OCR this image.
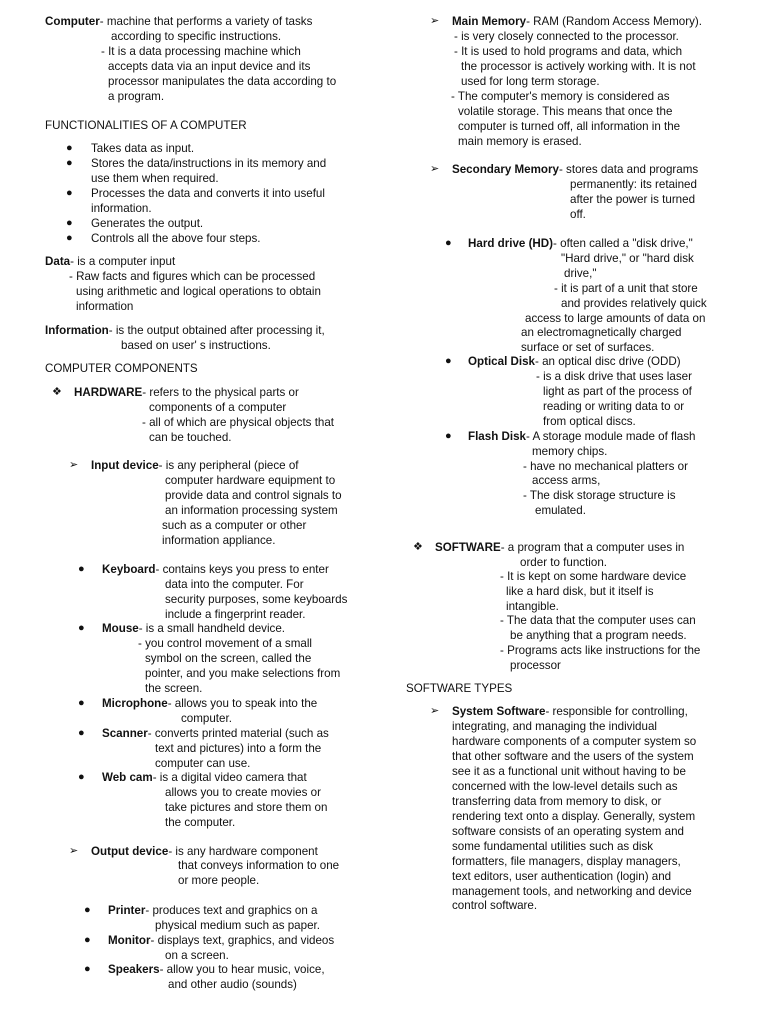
Computer- machine that performs a variety of tasks
according to specific instructions.
- It is a data processing machine which
accepts data via an input device and its
processor manipulates the data according to
a program.
FUNCTIONALITIES OF A COMPUTER
● Takes data as input.
● Stores the data/instructions in its memory and
use them when required.
● Processes the data and converts it into useful
information.
● Generates the output.
● Controls all the above four steps.
Data- is a computer input
- Raw facts and figures which can be processed
using arithmetic and logical operations to obtain
information
Information- is the output obtained after processing it,
based on user' s instructions.
COMPUTER COMPONENTS
❖ HARDWARE- refers to the physical parts or
components of a computer
- all of which are physical objects that
can be touched.
➢ Input device- is any peripheral (piece of
computer hardware equipment to
provide data and control signals to
an information processing system
such as a computer or other
information appliance.
● Keyboard- contains keys you press to enter
data into the computer. For
security purposes, some keyboards
include a fingerprint reader.
● Mouse- is a small handheld device.
- you control movement of a small
symbol on the screen, called the
pointer, and you make selections from
the screen.
● Microphone- allows you to speak into the
computer.
● Scanner- converts printed material (such as
text and pictures) into a form the
computer can use.
● Web cam- is a digital video camera that
allows you to create movies or
take pictures and store them on
the computer.
➢ Output device- is any hardware component
that conveys information to one
or more people.
● Printer- produces text and graphics on a
physical medium such as paper.
● Monitor- displays text, graphics, and videos
on a screen.
● Speakers- allow you to hear music, voice,
and other audio (sounds)
➢ Main Memory- RAM (Random Access Memory).
- is very closely connected to the processor.
- It is used to hold programs and data, which
the processor is actively working with. It is not
used for long term storage.
- The computer's memory is considered as
volatile storage. This means that once the
computer is turned off, all information in the
main memory is erased.
➢ Secondary Memory- stores data and programs
permanently: its retained
after the power is turned
off.
● Hard drive (HD)- often called a "disk drive,"
"Hard drive," or "hard disk
drive,"
- it is part of a unit that store
and provides relatively quick
access to large amounts of data on
an electromagnetically charged
surface or set of surfaces.
● Optical Disk- an optical disc drive (ODD)
- is a disk drive that uses laser
light as part of the process of
reading or writing data to or
from optical discs.
● Flash Disk- A storage module made of flash
memory chips.
- have no mechanical platters or
access arms,
- The disk storage structure is
emulated.
❖ SOFTWARE- a program that a computer uses in
order to function.
- It is kept on some hardware device
like a hard disk, but it itself is
intangible.
- The data that the computer uses can
be anything that a program needs.
- Programs acts like instructions for the
processor
SOFTWARE TYPES
➢ System Software- responsible for controlling,
integrating, and managing the individual
hardware components of a computer system so
that other software and the users of the system
see it as a functional unit without having to be
concerned with the low-level details such as
transferring data from memory to disk, or
rendering text onto a display. Generally, system
software consists of an operating system and
some fundamental utilities such as disk
formatters, file managers, display managers,
text editors, user authentication (login) and
management tools, and networking and device
control software.
